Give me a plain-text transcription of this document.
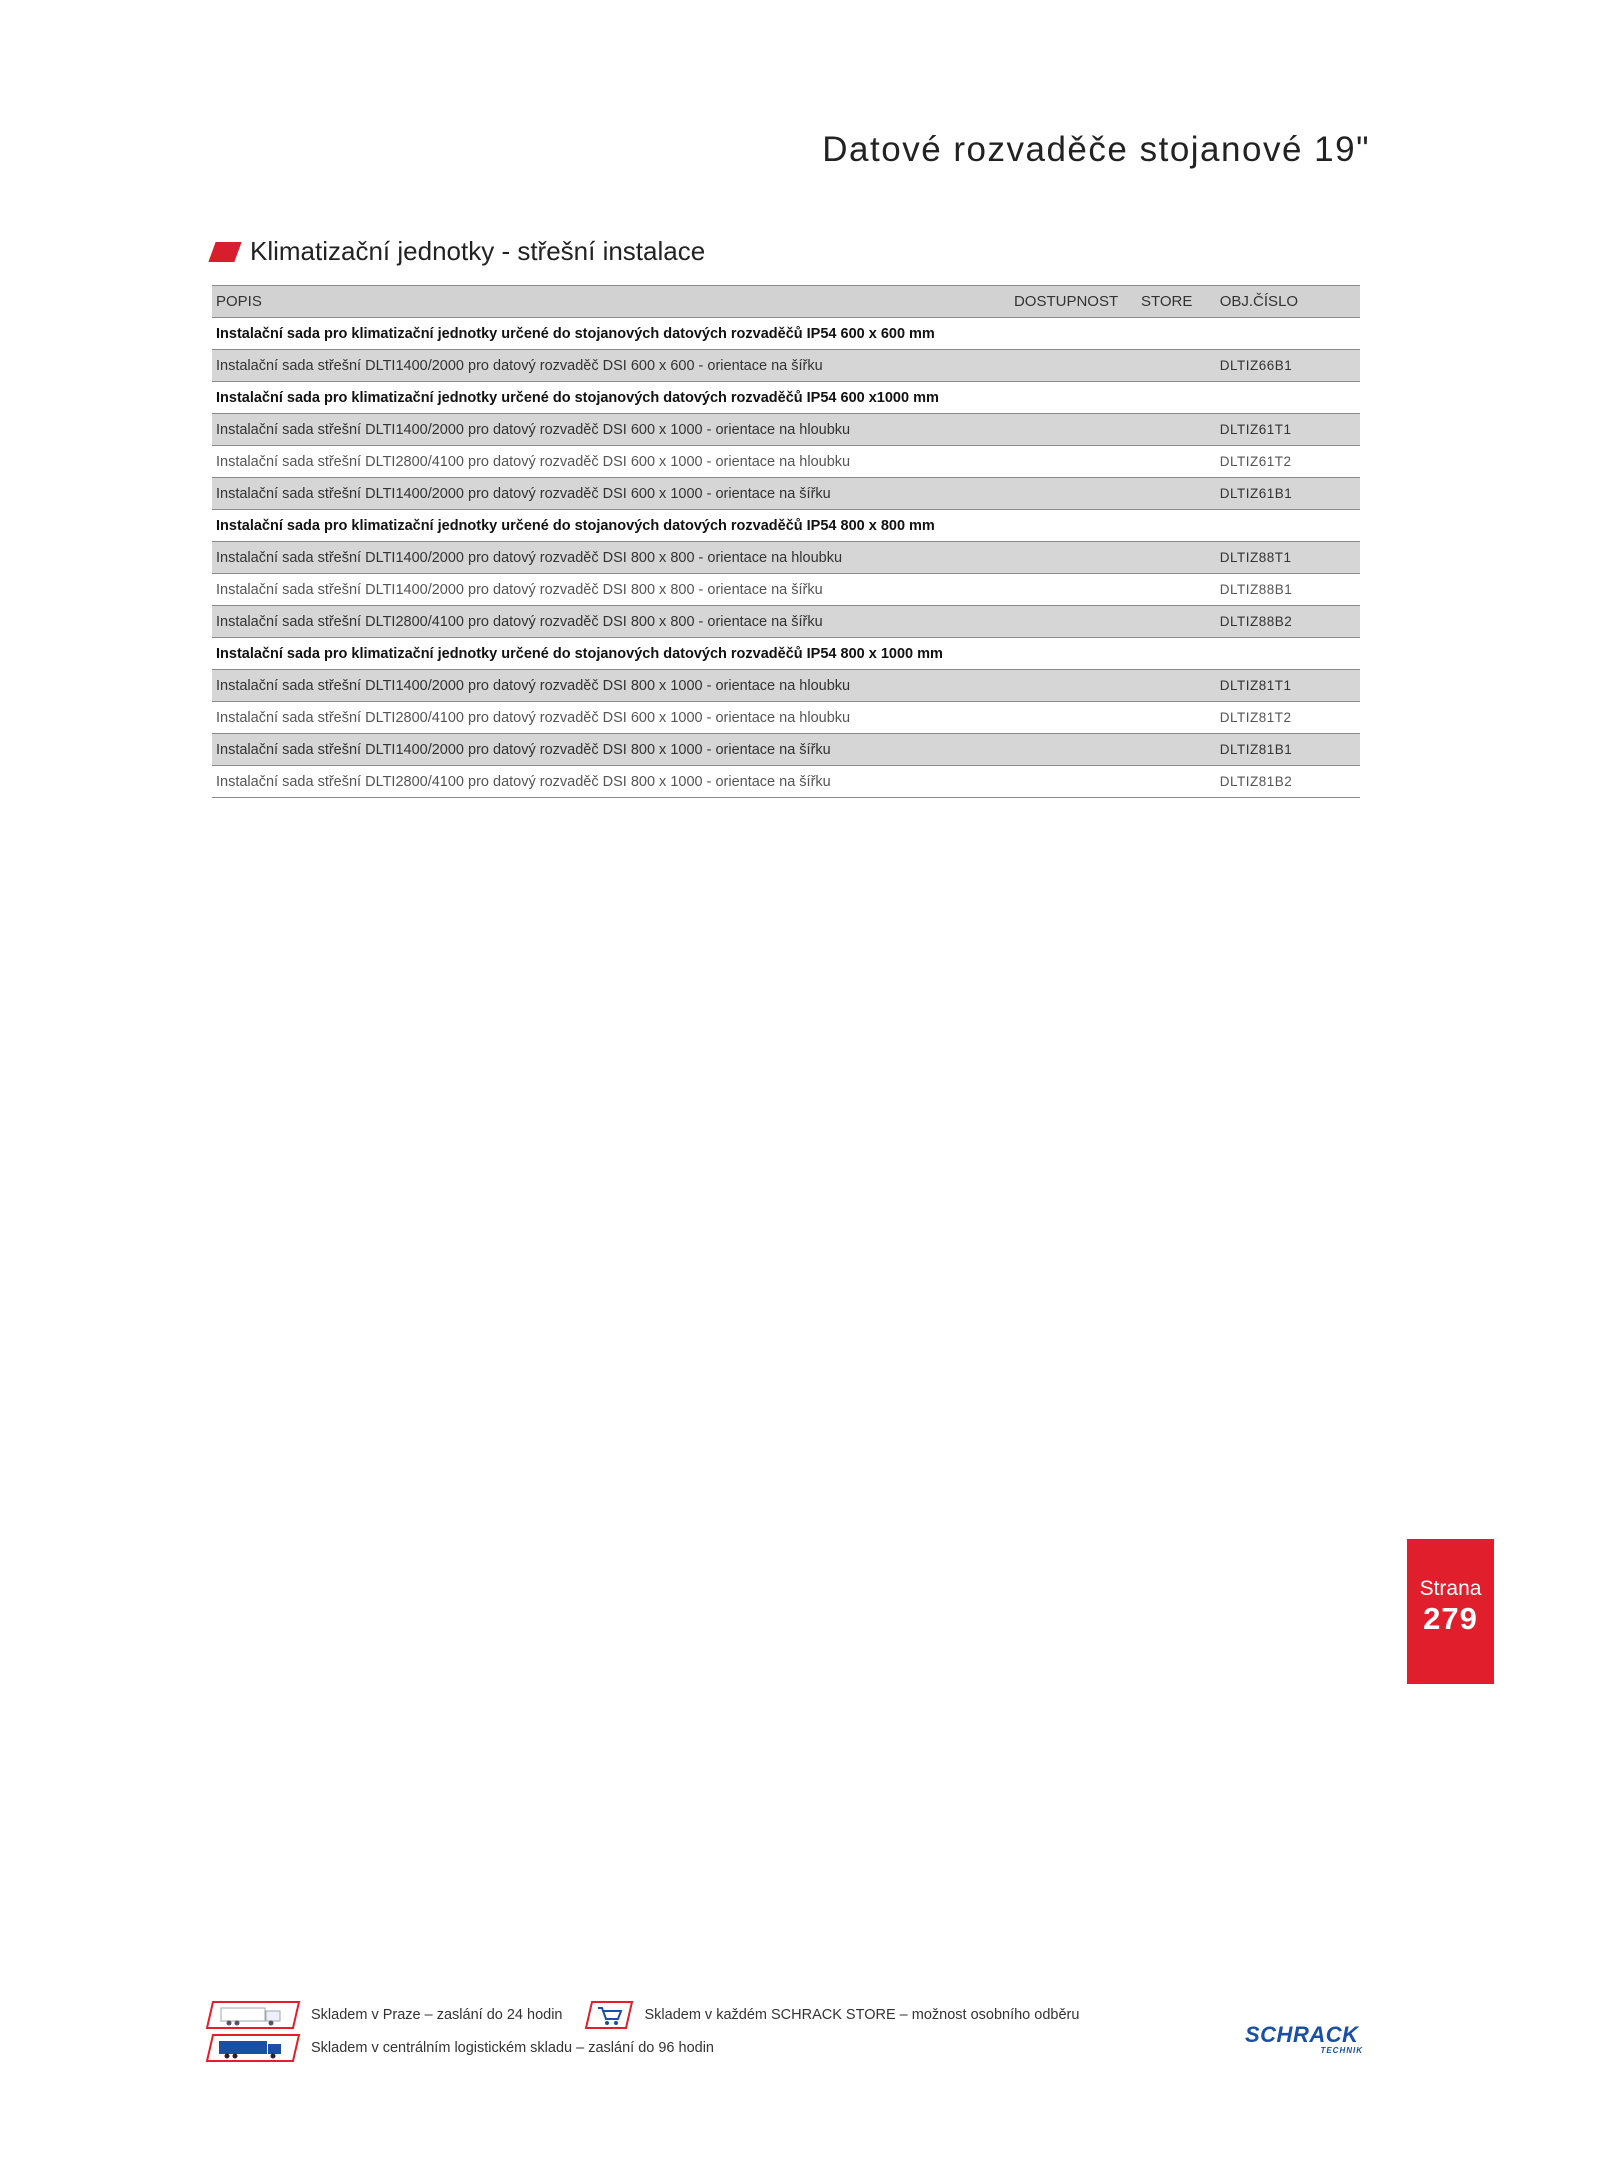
Datové rozvaděče stojanové 19"
Klimatizační jednotky - střešní instalace
POPIS	DOSTUPNOST	STORE	OBJ.ČÍSLO
Instalační sada pro klimatizační jednotky určené do stojanových datových rozvaděčů IP54 600 x 600 mm			
Instalační sada střešní DLTI1400/2000 pro datový rozvaděč DSI 600 x 600 - orientace na šířku			DLTIZ66B1
Instalační sada pro klimatizační jednotky určené do stojanových datových rozvaděčů IP54 600 x1000 mm			
Instalační sada střešní DLTI1400/2000 pro datový rozvaděč DSI 600 x 1000 - orientace na hloubku			DLTIZ61T1
Instalační sada střešní DLTI2800/4100 pro datový rozvaděč DSI 600 x 1000 - orientace na hloubku			DLTIZ61T2
Instalační sada střešní DLTI1400/2000 pro datový rozvaděč DSI 600 x 1000 - orientace na šířku			DLTIZ61B1
Instalační sada pro klimatizační jednotky určené do stojanových datových rozvaděčů IP54 800 x 800 mm			
Instalační sada střešní DLTI1400/2000 pro datový rozvaděč DSI 800 x 800 - orientace na hloubku			DLTIZ88T1
Instalační sada střešní DLTI1400/2000 pro datový rozvaděč DSI 800 x 800 - orientace na šířku			DLTIZ88B1
Instalační sada střešní DLTI2800/4100 pro datový rozvaděč DSI 800 x 800 - orientace na šířku			DLTIZ88B2
Instalační sada pro klimatizační jednotky určené do stojanových datových rozvaděčů IP54 800 x 1000 mm			
Instalační sada střešní DLTI1400/2000 pro datový rozvaděč DSI 800 x 1000 - orientace na hloubku			DLTIZ81T1
Instalační sada střešní DLTI2800/4100 pro datový rozvaděč DSI 600 x 1000 - orientace na hloubku			DLTIZ81T2
Instalační sada střešní DLTI1400/2000 pro datový rozvaděč DSI 800 x 1000 - orientace na šířku			DLTIZ81B1
Instalační sada střešní DLTI2800/4100 pro datový rozvaděč DSI 800 x 1000 - orientace na šířku			DLTIZ81B2
Strana
279
Skladem v Praze – zaslání do 24 hodin	Skladem v každém SCHRACK STORE – možnost osobního odběru
Skladem v centrálním logistickém skladu – zaslání do 96 hodin
SCHRACK
TECHNIK
